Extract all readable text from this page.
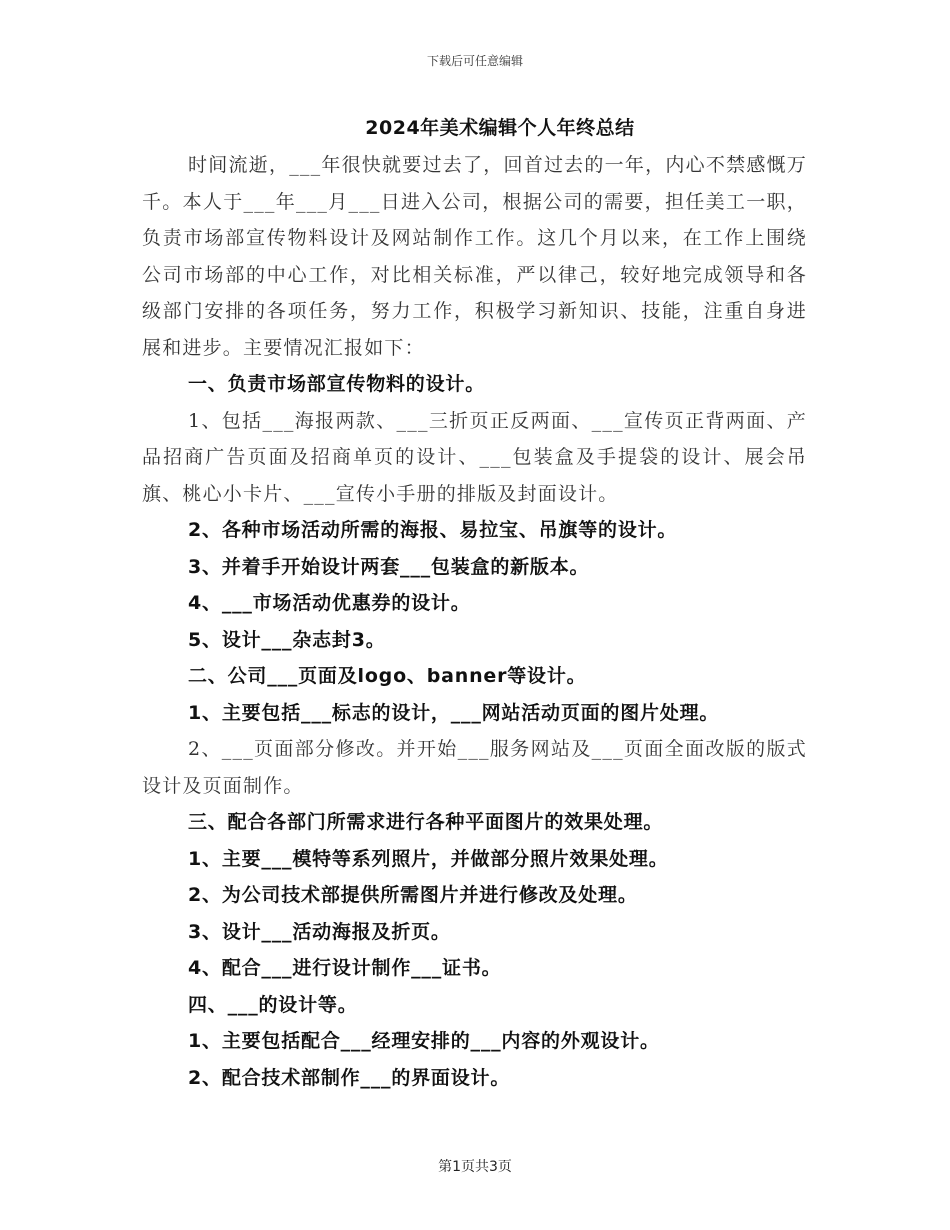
下载后可任意编辑
2024年美术编辑个人年终总结

时间流逝，___年很快就要过去了，回首过去的一年，内心不禁感慨万千。本人于___年___月___日进入公司，根据公司的需要，担任美工一职，负责市场部宣传物料设计及网站制作工作。这几个月以来，在工作上围绕公司市场部的中心工作，对比相关标准，严以律己，较好地完成领导和各级部门安排的各项任务，努力工作，积极学习新知识、技能，注重自身进展和进步。主要情况汇报如下：

一、负责市场部宣传物料的设计。

1、包括___海报两款、___三折页正反两面、___宣传页正背两面、产品招商广告页面及招商单页的设计、___包装盒及手提袋的设计、展会吊旗、桃心小卡片、___宣传小手册的排版及封面设计。

2、各种市场活动所需的海报、易拉宝、吊旗等的设计。

3、并着手开始设计两套___包装盒的新版本。

4、___市场活动优惠券的设计。

5、设计___杂志封3。

二、公司___页面及logo、banner等设计。

1、主要包括___标志的设计，___网站活动页面的图片处理。

2、___页面部分修改。并开始___服务网站及___页面全面改版的版式设计及页面制作。

三、配合各部门所需求进行各种平面图片的效果处理。

1、主要___模特等系列照片，并做部分照片效果处理。

2、为公司技术部提供所需图片并进行修改及处理。

3、设计___活动海报及折页。

4、配合___进行设计制作___证书。

四、___的设计等。

1、主要包括配合___经理安排的___内容的外观设计。

2、配合技术部制作___的界面设计。

第1页共3页
